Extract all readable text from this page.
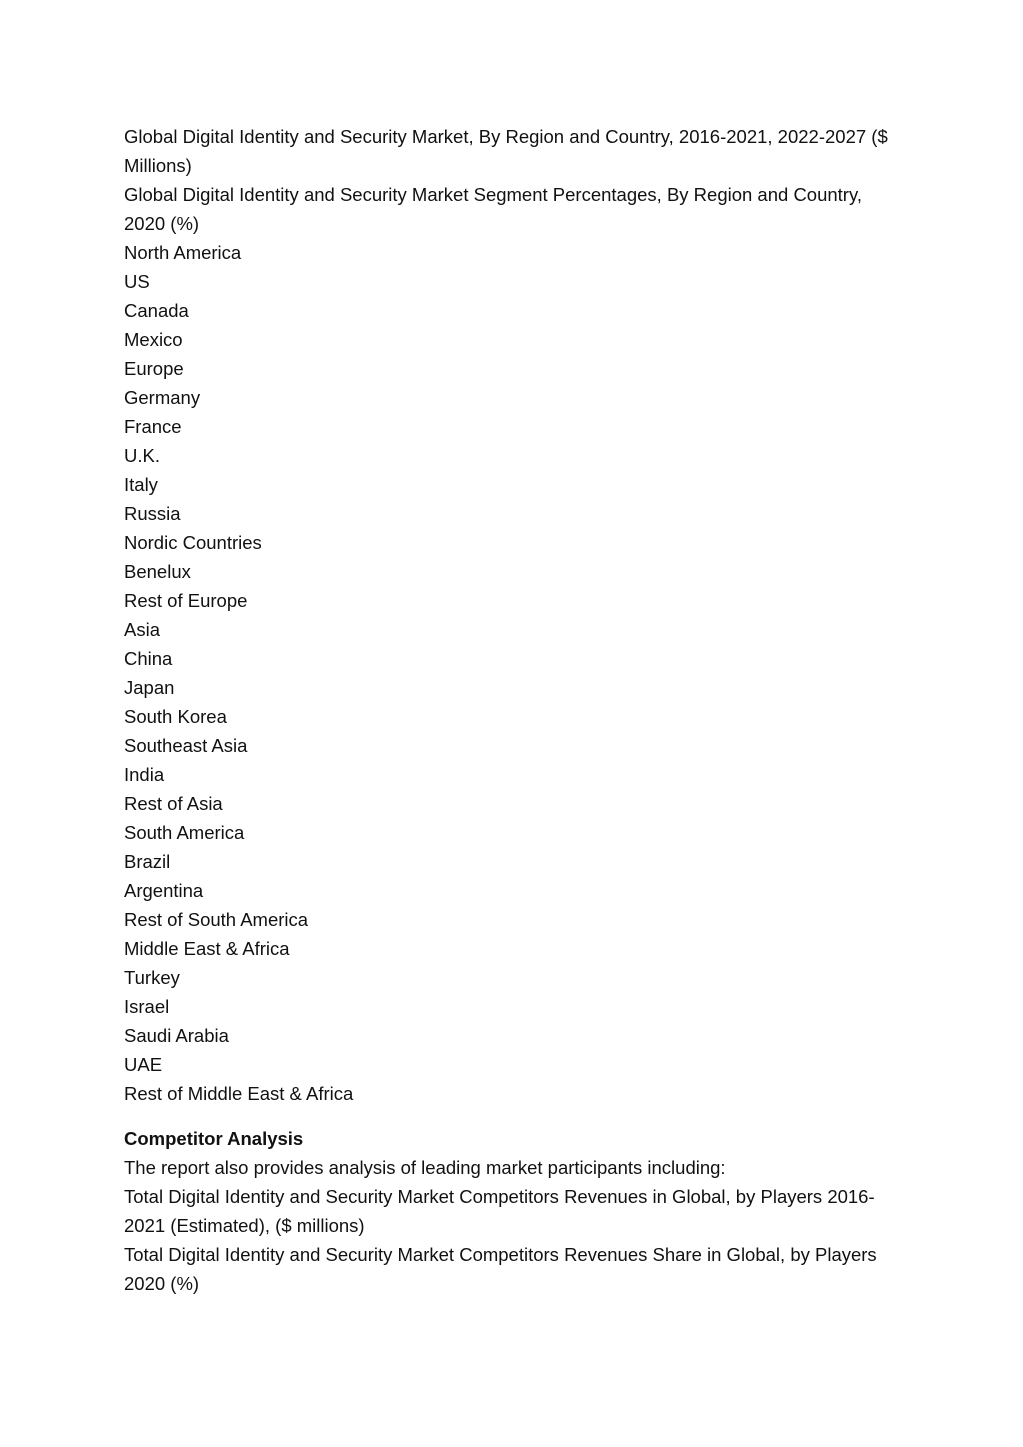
Global Digital Identity and Security Market, By Region and Country, 2016-2021, 2022-2027 ($ Millions)

Global Digital Identity and Security Market Segment Percentages, By Region and Country, 2020 (%)

North America
US
Canada
Mexico
Europe
Germany
France
U.K.
Italy
Russia
Nordic Countries
Benelux
Rest of Europe
Asia
China
Japan
South Korea
Southeast Asia
India
Rest of Asia
South America
Brazil
Argentina
Rest of South America
Middle East & Africa
Turkey
Israel
Saudi Arabia
UAE
Rest of Middle East & Africa

Competitor Analysis

The report also provides analysis of leading market participants including:

Total Digital Identity and Security Market Competitors Revenues in Global, by Players 2016-2021 (Estimated), ($ millions)

Total Digital Identity and Security Market Competitors Revenues Share in Global, by Players 2020 (%)
